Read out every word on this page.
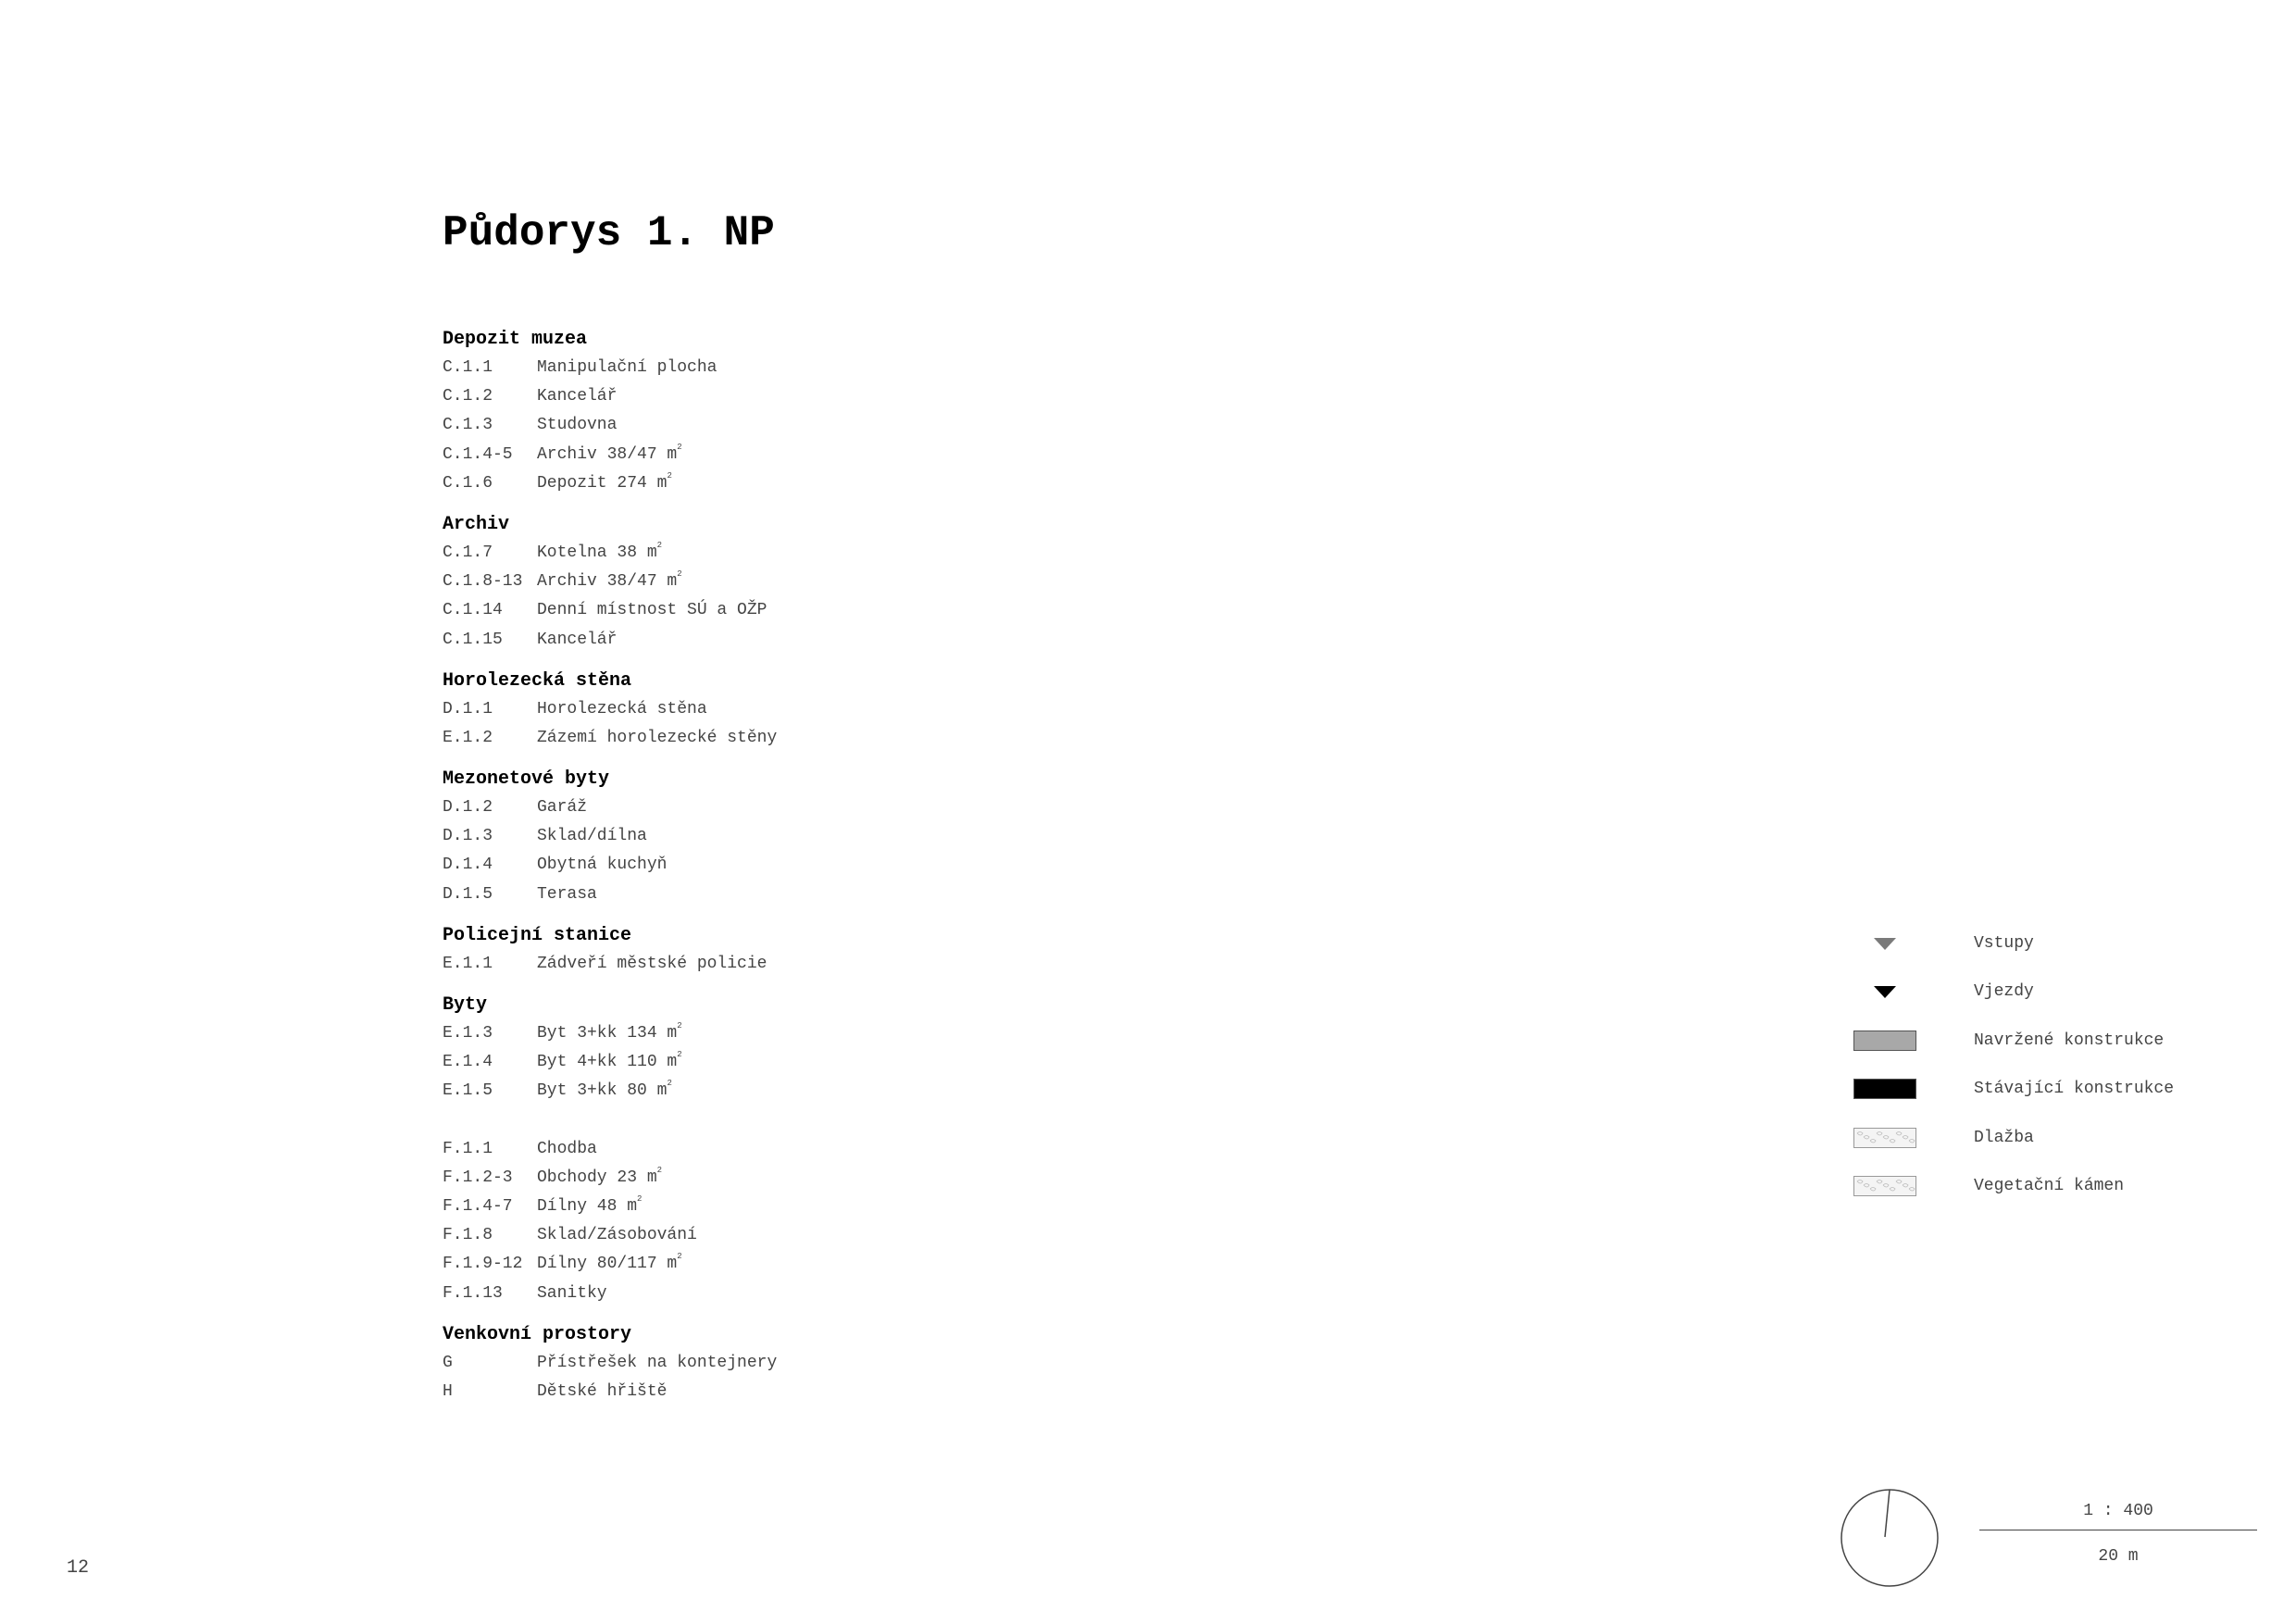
Půdorys 1. NP
Depozit muzea
C.1.1	Manipulační plocha
C.1.2	Kancelář
C.1.3	Studovna
C.1.4-5	Archiv 38/47 $m^2$
C.1.6	Depozit 274 $m^2$
Archiv
C.1.7	Kotelna 38 $m^2$
C.1.8-13 Archiv 38/47 $m^2$
C.1.14	Denní místnost SÚ a OŽP
C.1.15	Kancelář
Horolezecká stěna
D.1.1	Horolezecká stěna
E.1.2	Zázemí horolezecké stěny
Mezonetové byty
D.1.2	Garáž
D.1.3	Sklad/dílna
D.1.4	Obytná kuchyň
D.1.5	Terasa
Policejní stanice
E.1.1	Zádveří městské policie
Byty
E.1.3	Byt 3+kk 134 $m^2$
E.1.4	Byt 4+kk 110 $m^2$
E.1.5	Byt 3+kk 80 $m^2$
F.1.1	Chodba
F.1.2-3	Obchody 23 $m^2$
F.1.4-7	Dílny 48 $m^2$
F.1.8	Sklad/Zásobování
F.1.9-12 Dílny 80/117 $m^2$
F.1.13	Sanitky
Venkovní prostory
G	Přístřešek na kontejnery
H	Dětské hřiště
Vstupy
Vjezdy
Navržené konstrukce
Stávající konstrukce
Dlažba
Vegetační kámen
12
1 : 400
20 m
